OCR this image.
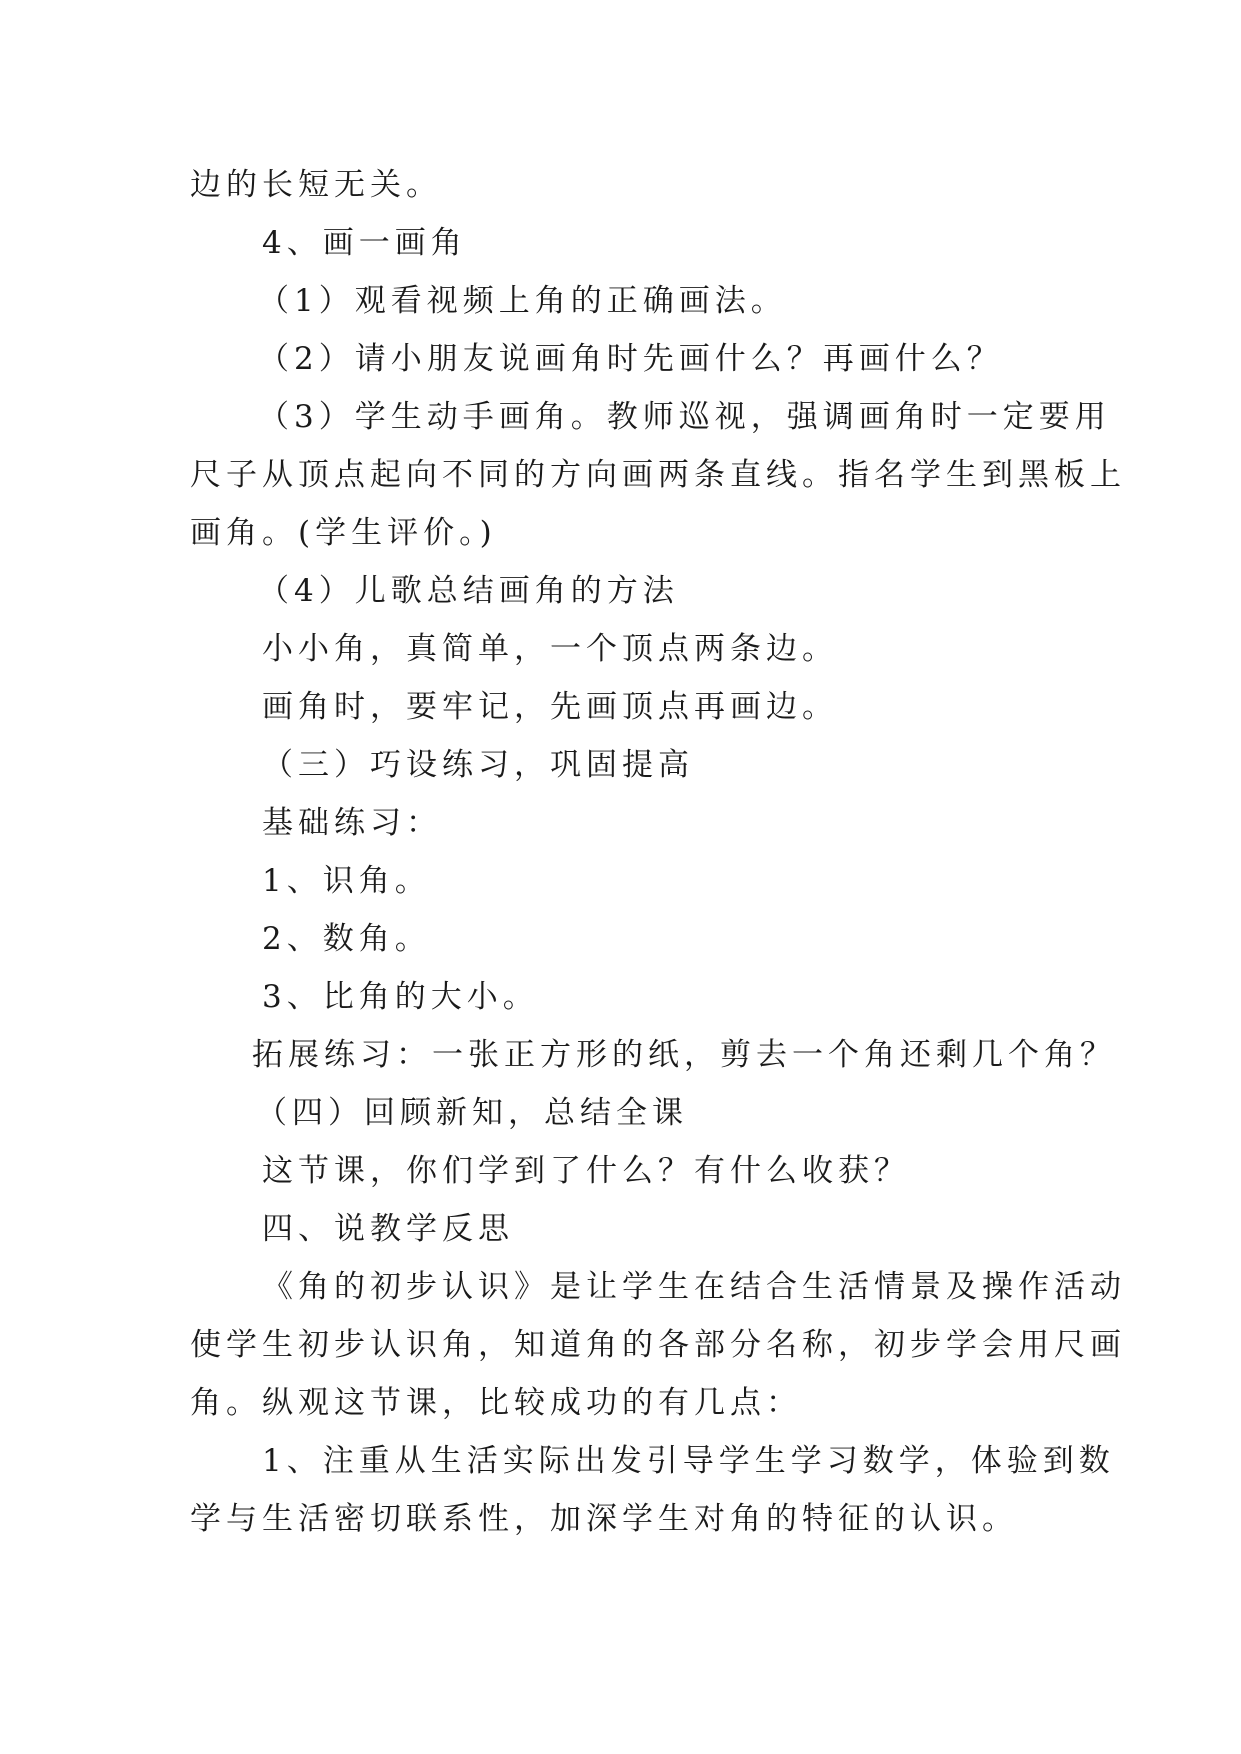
边的长短无关。
4、画一画角
（1）观看视频上角的正确画法。
（2）请小朋友说画角时先画什么？再画什么？
（3）学生动手画角。教师巡视，强调画角时一定要用
尺子从顶点起向不同的方向画两条直线。指名学生到黑板上
画角。(学生评价。)
（4）儿歌总结画角的方法
小小角，真简单，一个顶点两条边。
画角时，要牢记，先画顶点再画边。
（三）巧设练习，巩固提高
基础练习：
1、识角。
2、数角。
3、比角的大小。
拓展练习：一张正方形的纸，剪去一个角还剩几个角？
（四）回顾新知，总结全课
这节课，你们学到了什么？有什么收获？
四、说教学反思
《角的初步认识》是让学生在结合生活情景及操作活动
使学生初步认识角，知道角的各部分名称，初步学会用尺画
角。纵观这节课，比较成功的有几点：
1、注重从生活实际出发引导学生学习数学，体验到数
学与生活密切联系性，加深学生对角的特征的认识。
